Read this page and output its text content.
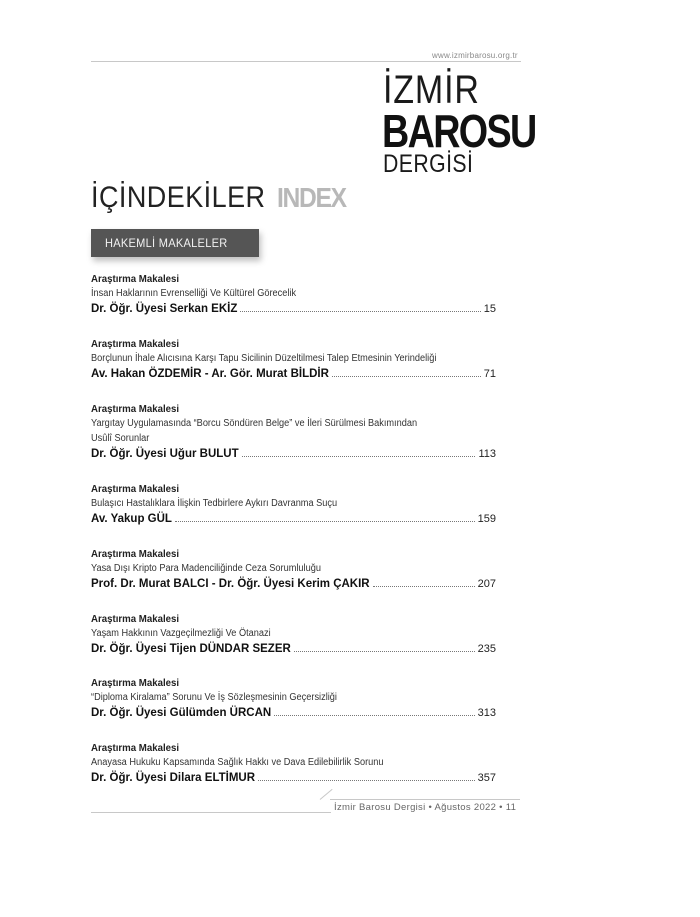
www.izmirbarosu.org.tr
İZMİR
BAROSU
DERGİSİ
İÇİNDEKİLER INDEX
HAKEMLİ MAKALELER
Araştırma Makalesi
İnsan Haklarının Evrenselliği Ve Kültürel Görecelik
Dr. Öğr. Üyesi Serkan EKİZ	15
Araştırma Makalesi
Borçlunun İhale Alıcısına Karşı Tapu Sicilinin Düzeltilmesi Talep Etmesinin Yerindeliği
Av. Hakan ÖZDEMİR - Ar. Gör. Murat BİLDİR	71
Araştırma Makalesi
Yargıtay Uygulamasında “Borcu Söndüren Belge” ve İleri Sürülmesi Bakımından
Usûlî Sorunlar
Dr. Öğr. Üyesi Uğur BULUT	113
Araştırma Makalesi
Bulaşıcı Hastalıklara İlişkin Tedbirlere Aykırı Davranma Suçu
Av. Yakup GÜL	159
Araştırma Makalesi
Yasa Dışı Kripto Para Madenciliğinde Ceza Sorumluluğu
Prof. Dr. Murat BALCI - Dr. Öğr. Üyesi Kerim ÇAKIR	207
Araştırma Makalesi
Yaşam Hakkının Vazgeçilmezliği Ve Ötanazi
Dr. Öğr. Üyesi Tijen DÜNDAR SEZER	235
Araştırma Makalesi
“Diploma Kiralama” Sorunu Ve İş Sözleşmesinin Geçersizliği
Dr. Öğr. Üyesi Gülümden ÜRCAN	313
Araştırma Makalesi
Anayasa Hukuku Kapsamında Sağlık Hakkı ve Dava Edilebilirlik Sorunu
Dr. Öğr. Üyesi Dilara ELTİMUR	357
İzmir Barosu Dergisi • Ağustos 2022 • 11
